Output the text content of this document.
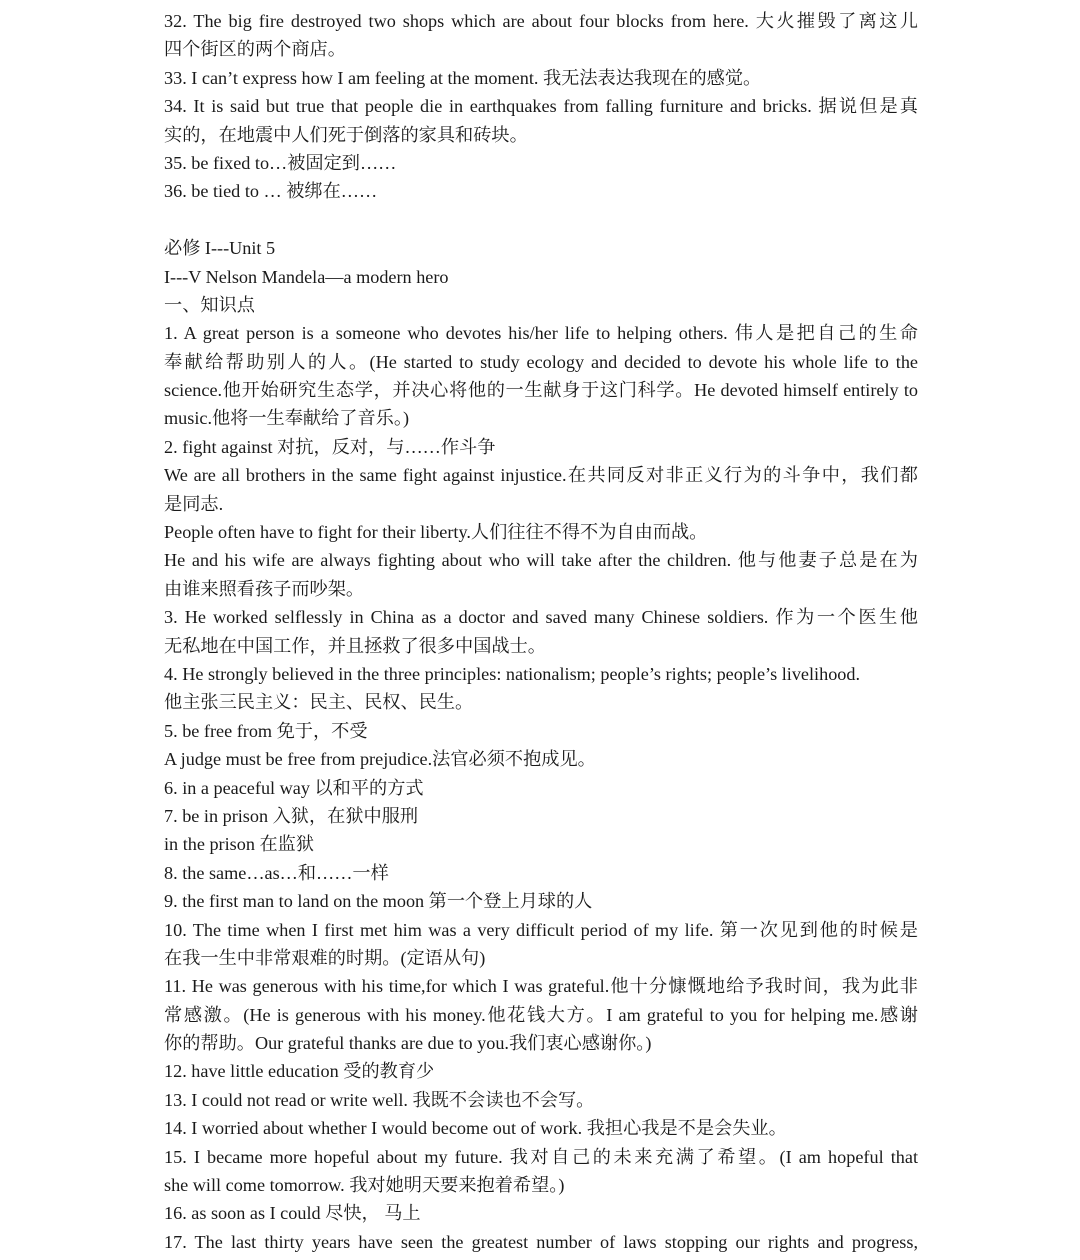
32. The big fire destroyed two shops which are about four blocks from here. 大火摧毁了离这儿
四个街区的两个商店。
33. I can’t express how I am feeling at the moment. 我无法表达我现在的感觉。
34. It is said but true that people die in earthquakes from falling furniture and bricks. 据说但是真
实的，在地震中人们死于倒落的家具和砖块。
35. be fixed to…被固定到……
36. be tied to … 被绑在……
必修 I---Unit 5
I---V Nelson Mandela—a modern hero
一、知识点
1. A great person is a someone who devotes his/her life to helping others. 伟人是把自己的生命
奉献给帮助别人的人。(He started to study ecology and decided to devote his whole life to the
science.他开始研究生态学，并决心将他的一生献身于这门科学。He devoted himself entirely to
music.他将一生奉献给了音乐。)
2. fight against 对抗，反对，与……作斗争
We are all brothers in the same fight against injustice.在共同反对非正义行为的斗争中，我们都
是同志.
People often have to fight for their liberty.人们往往不得不为自由而战。
He and his wife are always fighting about who will take after the children. 他与他妻子总是在为
由谁来照看孩子而吵架。
3. He worked selflessly in China as a doctor and saved many Chinese soldiers. 作为一个医生他
无私地在中国工作，并且拯救了很多中国战士。
4. He strongly believed in the three principles: nationalism; people’s rights; people’s livelihood.
他主张三民主义：民主、民权、民生。
5. be free from 免于，不受
A judge must be free from prejudice.法官必须不抱成见。
6. in a peaceful way 以和平的方式
7. be in prison 入狱，在狱中服刑
in the prison 在监狱
8. the same…as…和……一样
9. the first man to land on the moon 第一个登上月球的人
10. The time when I first met him was a very difficult period of my life. 第一次见到他的时候是
在我一生中非常艰难的时期。(定语从句)
11. He was generous with his time,for which I was grateful.他十分慷慨地给予我时间，我为此非
常感激。(He is generous with his money.他花钱大方。I am grateful to you for helping me.感谢
你的帮助。Our grateful thanks are due to you.我们衷心感谢你。)
12. have little education 受的教育少
13. I could not read or write well. 我既不会读也不会写。
14. I worried about whether I would become out of work. 我担心我是不是会失业。
15. I became more hopeful about my future. 我对自己的未来充满了希望。(I am hopeful that
she will come tomorrow. 我对她明天要来抱着希望。)
16. as soon as I could 尽快， 马上
17. The last thirty years have seen the greatest number of laws stopping our rights and progress,
